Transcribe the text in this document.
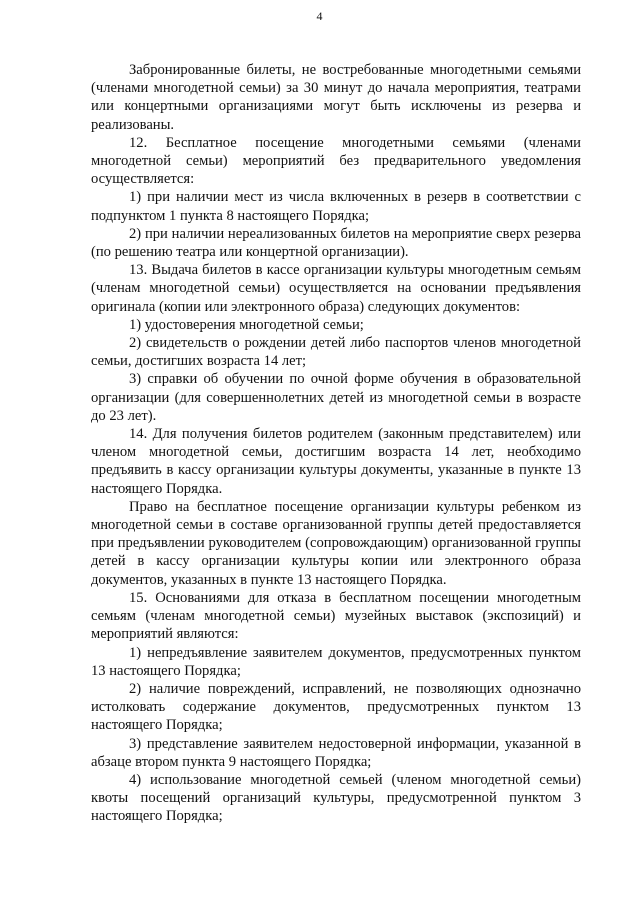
4

Забронированные билеты, не востребованные многодетными семьями (членами многодетной семьи) за 30 минут до начала мероприятия, театрами или концертными организациями могут быть исключены из резерва и реализованы.

12. Бесплатное посещение многодетными семьями (членами многодетной семьи) мероприятий без предварительного уведомления осуществляется:

1) при наличии мест из числа включенных в резерв в соответствии с подпунктом 1 пункта 8 настоящего Порядка;

2) при наличии нереализованных билетов на мероприятие сверх резерва (по решению театра или концертной организации).

13. Выдача билетов в кассе организации культуры многодетным семьям (членам многодетной семьи) осуществляется на основании предъявления оригинала (копии или электронного образа) следующих документов:

1) удостоверения многодетной семьи;

2) свидетельств о рождении детей либо паспортов членов многодетной семьи, достигших возраста 14 лет;

3) справки об обучении по очной форме обучения в образовательной организации (для совершеннолетних детей из многодетной семьи в возрасте до 23 лет).

14. Для получения билетов родителем (законным представителем) или членом многодетной семьи, достигшим возраста 14 лет, необходимо предъявить в кассу организации культуры документы, указанные в пункте 13 настоящего Порядка.

Право на бесплатное посещение организации культуры ребенком из многодетной семьи в составе организованной группы детей предоставляется при предъявлении руководителем (сопровождающим) организованной группы детей в кассу организации культуры копии или электронного образа документов, указанных в пункте 13 настоящего Порядка.

15. Основаниями для отказа в бесплатном посещении многодетным семьям (членам многодетной семьи) музейных выставок (экспозиций) и мероприятий являются:

1) непредъявление заявителем документов, предусмотренных пунктом 13 настоящего Порядка;

2) наличие повреждений, исправлений, не позволяющих однозначно истолковать содержание документов, предусмотренных пунктом 13 настоящего Порядка;

3) представление заявителем недостоверной информации, указанной в абзаце втором пункта 9 настоящего Порядка;

4) использование многодетной семьей (членом многодетной семьи) квоты посещений организаций культуры, предусмотренной пунктом 3 настоящего Порядка;
